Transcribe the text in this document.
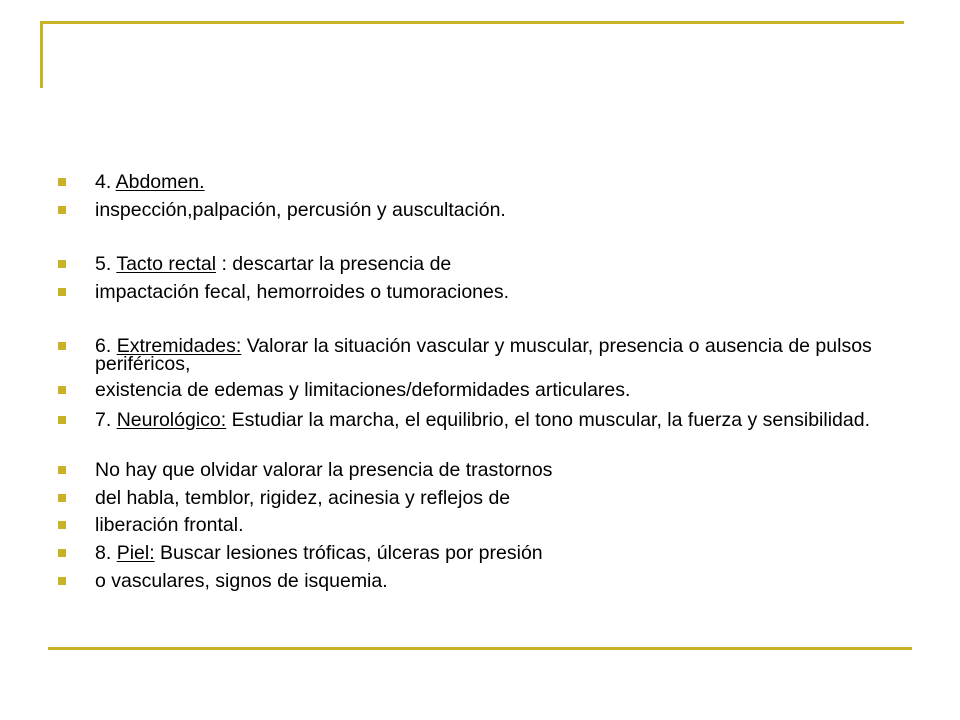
4. Abdomen.
inspección,palpación, percusión y auscultación.
5. Tacto rectal : descartar la presencia de
impactación fecal, hemorroides o tumoraciones.
6. Extremidades: Valorar la situación vascular y muscular, presencia o ausencia de pulsos periféricos,
existencia de edemas y limitaciones/deformidades articulares.
7. Neurológico: Estudiar la marcha, el equilibrio, el tono muscular, la fuerza y sensibilidad.
No hay que olvidar valorar la presencia de trastornos
del habla, temblor, rigidez, acinesia y reflejos de
liberación frontal.
8. Piel: Buscar lesiones tróficas, úlceras por presión
o vasculares, signos de isquemia.
